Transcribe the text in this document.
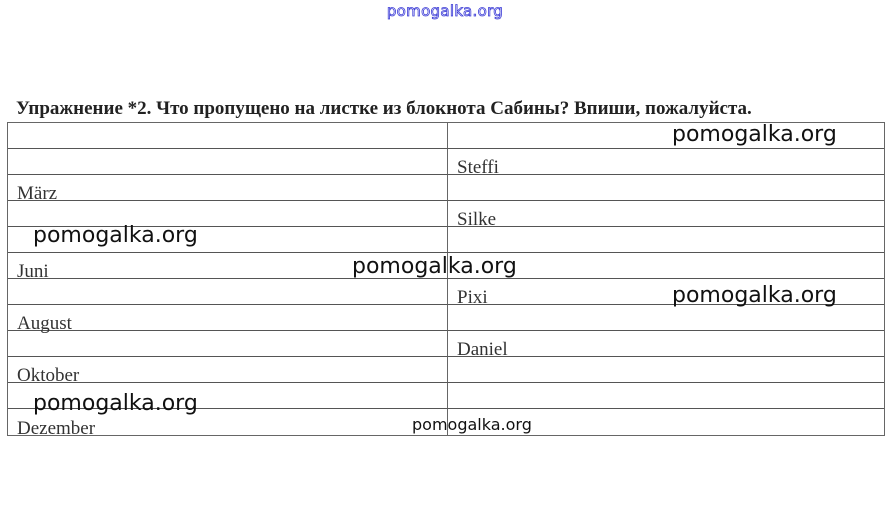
pomogalka.org
Упражнение *2. Что пропущено на листке из блокнота Сабины? Впиши, пожалуйста.
Steffi
März
Silke
Juni
Pixi
August
Daniel
Oktober
Dezember
pomogalka.org
pomogalka.org
pomogalka.org
pomogalka.org
pomogalka.org
pomogalka.org
